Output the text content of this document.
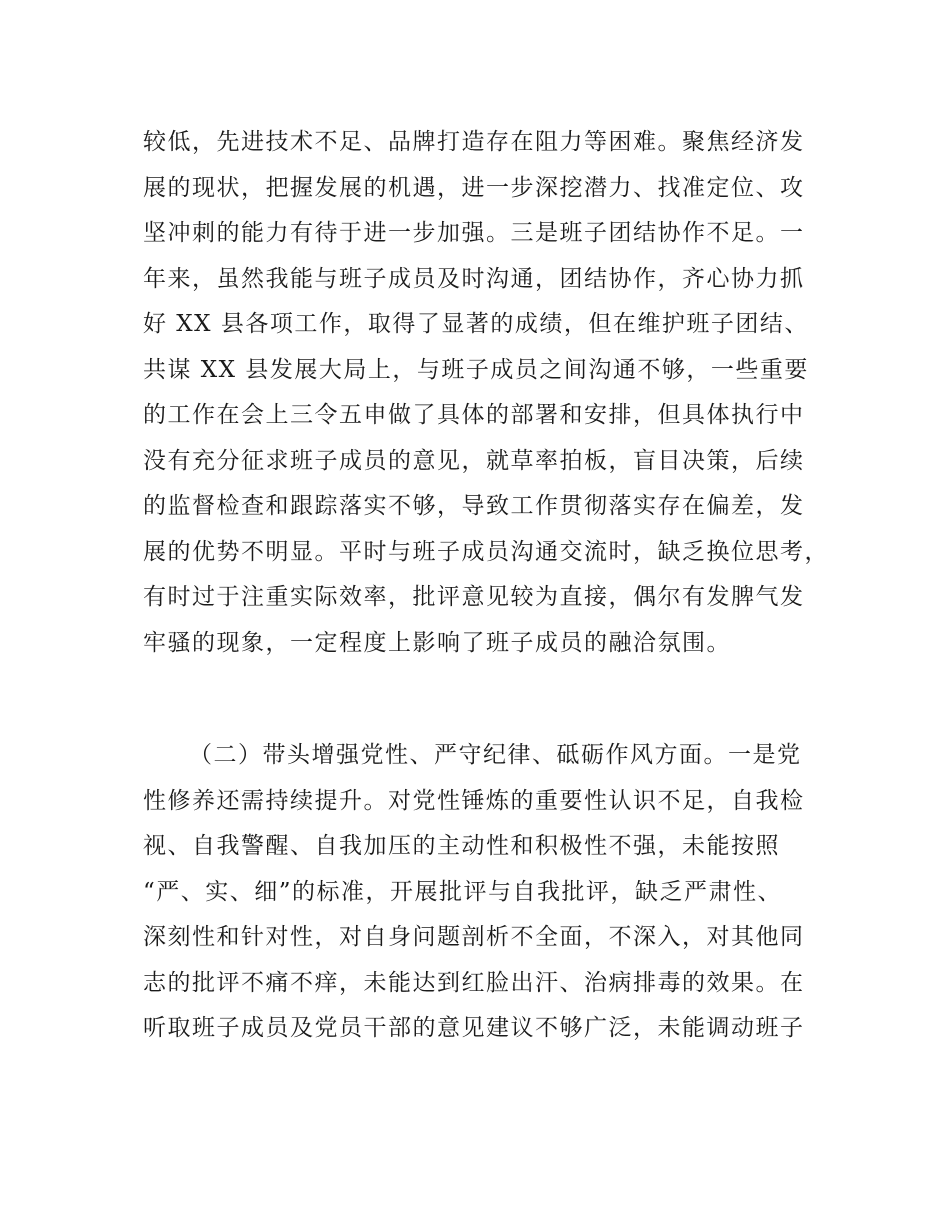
较低，先进技术不足、品牌打造存在阻力等困难。聚焦经济发
展的现状，把握发展的机遇，进一步深挖潜力、找准定位、攻
坚冲刺的能力有待于进一步加强。三是班子团结协作不足。一
年来，虽然我能与班子成员及时沟通，团结协作，齐心协力抓
好 XX 县各项工作，取得了显著的成绩，但在维护班子团结、
共谋 XX 县发展大局上，与班子成员之间沟通不够，一些重要
的工作在会上三令五申做了具体的部署和安排，但具体执行中
没有充分征求班子成员的意见，就草率拍板，盲目决策，后续
的监督检查和跟踪落实不够，导致工作贯彻落实存在偏差，发
展的优势不明显。平时与班子成员沟通交流时，缺乏换位思考，
有时过于注重实际效率，批评意见较为直接，偶尔有发脾气发
牢骚的现象，一定程度上影响了班子成员的融洽氛围。
（二）带头增强党性、严守纪律、砥砺作风方面。一是党
性修养还需持续提升。对党性锤炼的重要性认识不足，自我检
视、自我警醒、自我加压的主动性和积极性不强，未能按照
“严、实、细”的标准，开展批评与自我批评，缺乏严肃性、
深刻性和针对性，对自身问题剖析不全面，不深入，对其他同
志的批评不痛不痒，未能达到红脸出汗、治病排毒的效果。在
听取班子成员及党员干部的意见建议不够广泛，未能调动班子
